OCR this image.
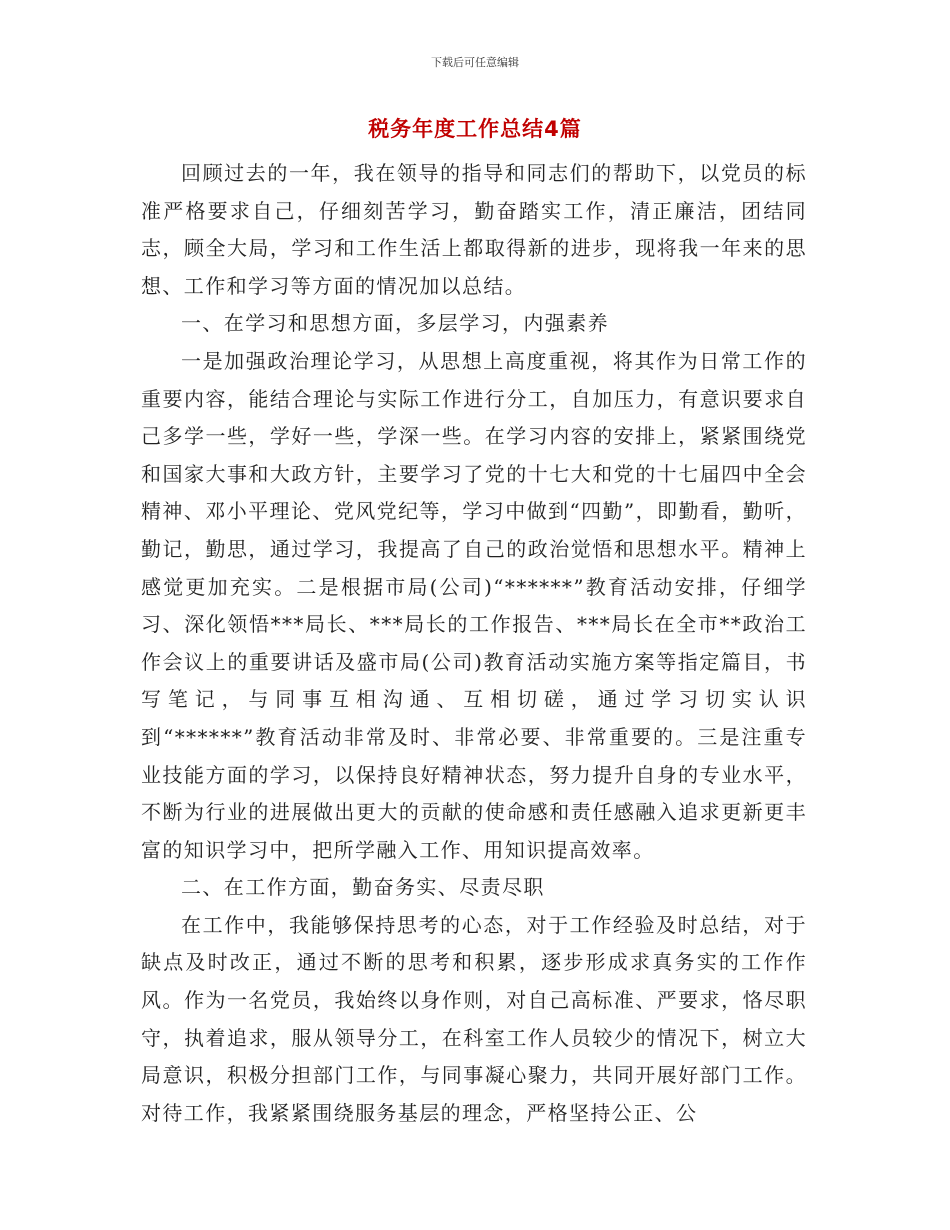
下载后可任意编辑
税务年度工作总结4篇

回顾过去的一年，我在领导的指导和同志们的帮助下，以党员的标准严格要求自己，仔细刻苦学习，勤奋踏实工作，清正廉洁，团结同志，顾全大局，学习和工作生活上都取得新的进步，现将我一年来的思想、工作和学习等方面的情况加以总结。

一、在学习和思想方面，多层学习，内强素养

一是加强政治理论学习，从思想上高度重视，将其作为日常工作的重要内容，能结合理论与实际工作进行分工，自加压力，有意识要求自己多学一些，学好一些，学深一些。在学习内容的安排上，紧紧围绕党和国家大事和大政方针，主要学习了党的十七大和党的十七届四中全会精神、邓小平理论、党风党纪等，学习中做到“四勤”，即勤看，勤听，勤记，勤思，通过学习，我提高了自己的政治觉悟和思想水平。精神上感觉更加充实。二是根据市局(公司)“******”教育活动安排，仔细学习、深化领悟***局长、***局长的工作报告、***局长在全市**政治工作会议上的重要讲话及盛市局(公司)教育活动实施方案等指定篇目，书写笔记，与同事互相沟通、互相切磋，通过学习切实认识到“******”教育活动非常及时、非常必要、非常重要的。三是注重专业技能方面的学习，以保持良好精神状态，努力提升自身的专业水平，不断为行业的进展做出更大的贡献的使命感和责任感融入追求更新更丰富的知识学习中，把所学融入工作、用知识提高效率。

二、在工作方面，勤奋务实、尽责尽职

在工作中，我能够保持思考的心态，对于工作经验及时总结，对于缺点及时改正，通过不断的思考和积累，逐步形成求真务实的工作作风。作为一名党员，我始终以身作则，对自己高标准、严要求，恪尽职守，执着追求，服从领导分工，在科室工作人员较少的情况下，树立大局意识，积极分担部门工作，与同事凝心聚力，共同开展好部门工作。对待工作，我紧紧围绕服务基层的理念，严格坚持公正、公
